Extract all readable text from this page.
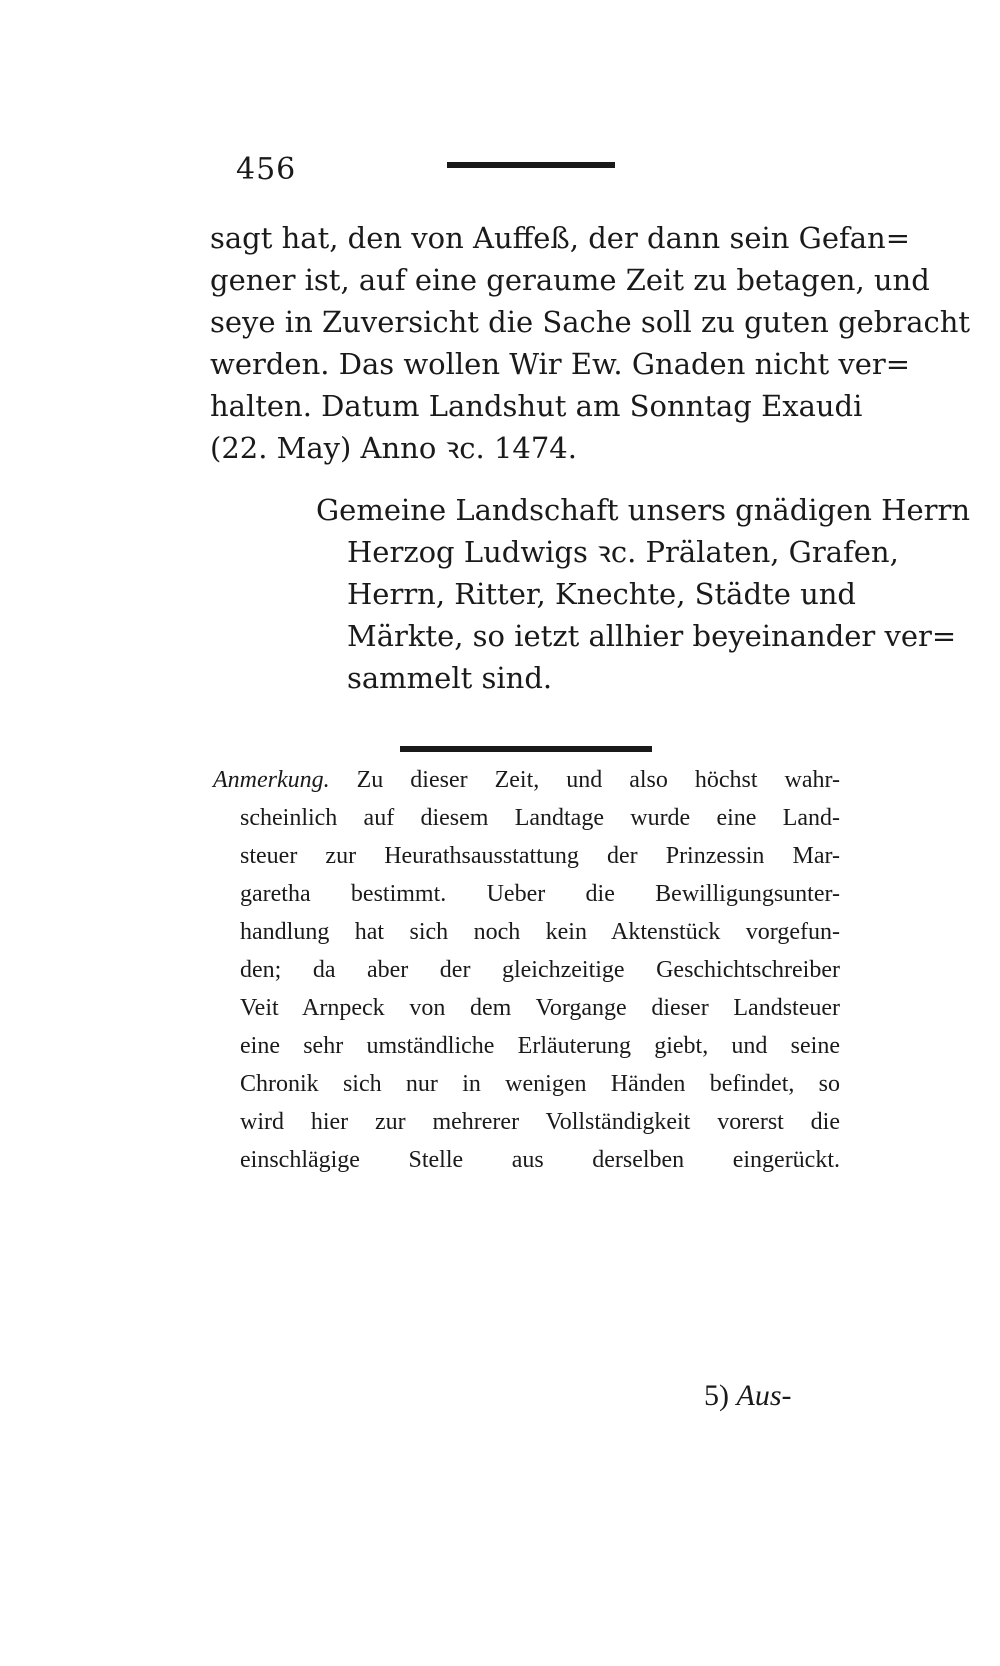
456
sagt hat, den von Auffeß, der dann sein Gefan=
gener ist, auf eine geraume Zeit zu betagen, und
seye in Zuversicht die Sache soll zu guten gebracht
werden. Das wollen Wir Ew. Gnaden nicht ver=
halten. Datum Landshut am Sonntag Exaudi
(22. May) Anno ꝛc. 1474.
Gemeine Landschaft unsers gnädigen Herrn
Herzog Ludwigs ꝛc. Prälaten, Grafen,
Herrn, Ritter, Knechte, Städte und
Märkte, so ietzt allhier beyeinander ver=
sammelt sind.
Anmerkung. Zu dieser Zeit, und also höchst wahr-
scheinlich auf diesem Landtage wurde eine Land-
steuer zur Heurathsausstattung der Prinzessin Mar-
garetha bestimmt. Ueber die Bewilligungsunter-
handlung hat sich noch kein Aktenstück vorgefun-
den; da aber der gleichzeitige Geschichtschreiber
Veit Arnpeck von dem Vorgange dieser Landsteuer
eine sehr umständliche Erläuterung giebt, und seine
Chronik sich nur in wenigen Händen befindet, so
wird hier zur mehrerer Vollständigkeit vorerst die
einschlägige Stelle aus derselben eingerückt.
5) Aus-
